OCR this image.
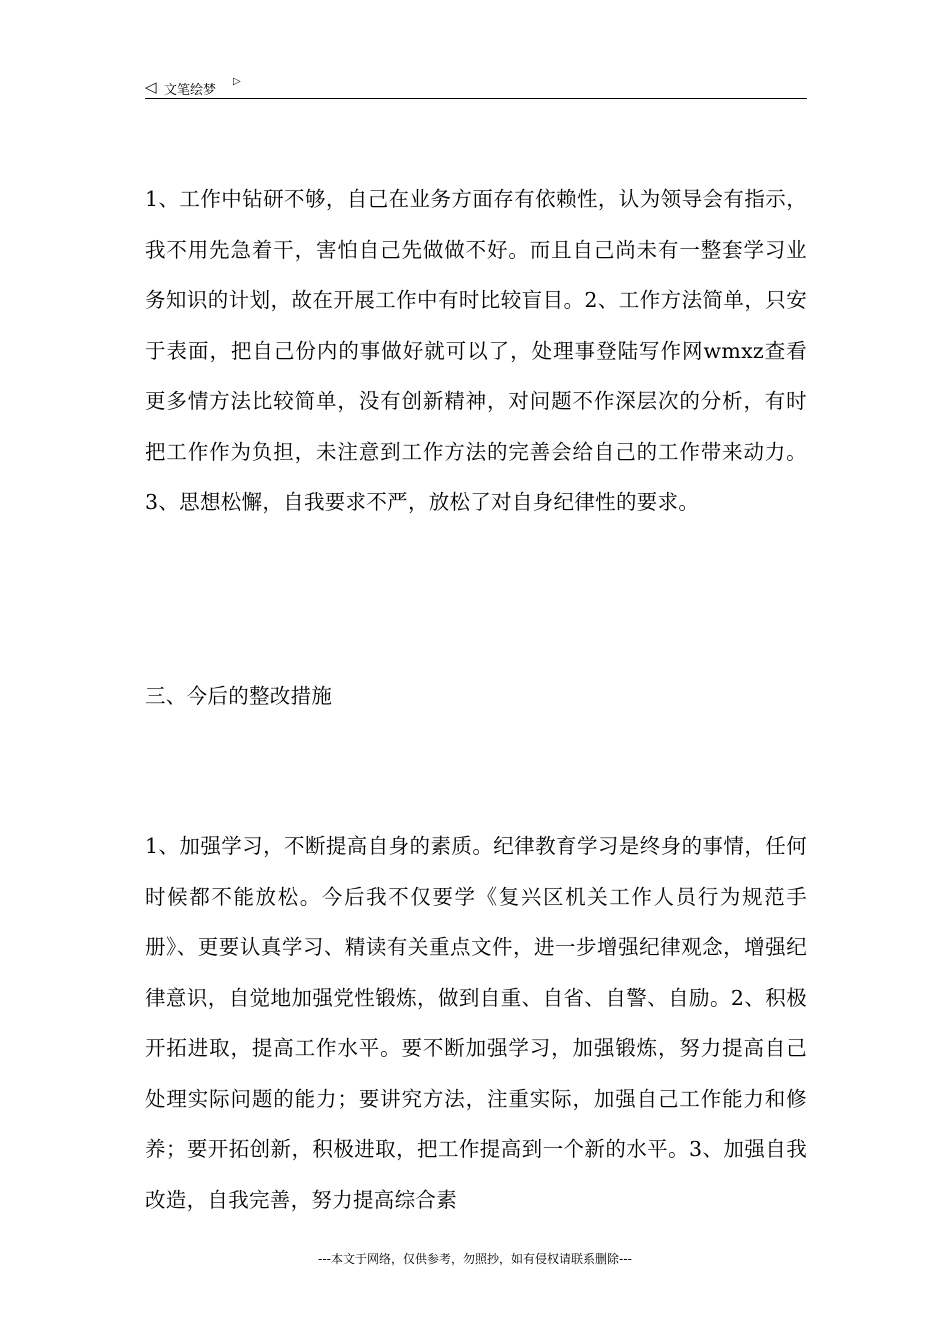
◁ 文笔绘梦
▷

1、工作中钻研不够，自己在业务方面存有依赖性，认为领导会有指示，我不用先急着干，害怕自己先做做不好。而且自己尚未有一整套学习业务知识的计划，故在开展工作中有时比较盲目。2、工作方法简单，只安于表面，把自己份内的事做好就可以了，处理事登陆写作网wmxz查看更多情方法比较简单，没有创新精神，对问题不作深层次的分析，有时把工作作为负担，未注意到工作方法的完善会给自己的工作带来动力。3、思想松懈，自我要求不严，放松了对自身纪律性的要求。

三、今后的整改措施

1、加强学习，不断提高自身的素质。纪律教育学习是终身的事情，任何时候都不能放松。今后我不仅要学《复兴区机关工作人员行为规范手册》、更要认真学习、精读有关重点文件，进一步增强纪律观念，增强纪律意识，自觉地加强党性锻炼，做到自重、自省、自警、自励。2、积极开拓进取，提高工作水平。要不断加强学习，加强锻炼，努力提高自己处理实际问题的能力；要讲究方法，注重实际，加强自己工作能力和修养；要开拓创新，积极进取，把工作提高到一个新的水平。3、加强自我改造，自我完善，努力提高综合素

---本文于网络，仅供参考，勿照抄，如有侵权请联系删除---
